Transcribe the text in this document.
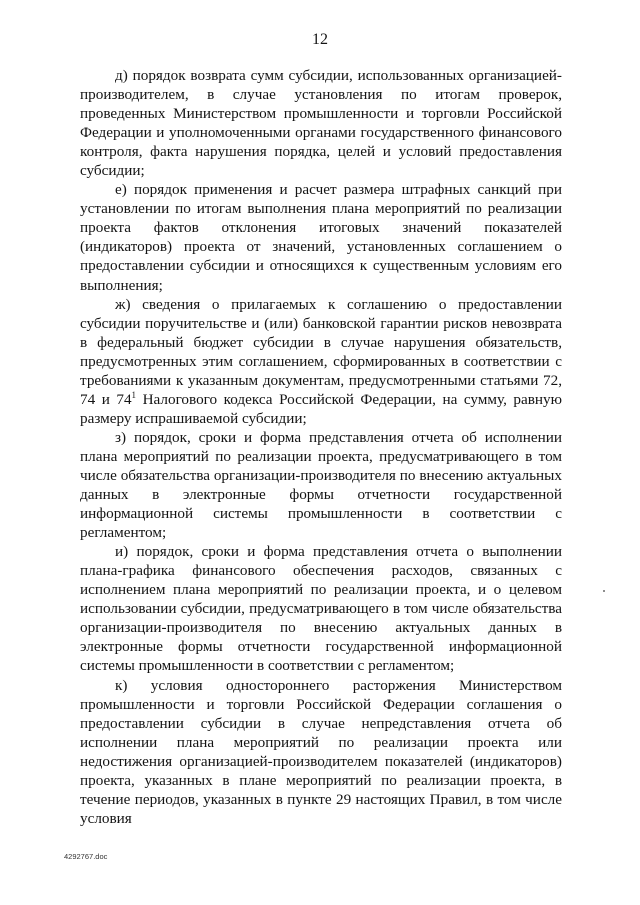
12

д) порядок возврата сумм субсидии, использованных организацией-производителем, в случае установления по итогам проверок, проведенных Министерством промышленности и торговли Российской Федерации и уполномоченными органами государственного финансового контроля, факта нарушения порядка, целей и условий предоставления субсидии;

е) порядок применения и расчет размера штрафных санкций при установлении по итогам выполнения плана мероприятий по реализации проекта фактов отклонения итоговых значений показателей (индикаторов) проекта от значений, установленных соглашением о предоставлении субсидии и относящихся к существенным условиям его выполнения;

ж) сведения о прилагаемых к соглашению о предоставлении субсидии поручительстве и (или) банковской гарантии рисков невозврата в федеральный бюджет субсидии в случае нарушения обязательств, предусмотренных этим соглашением, сформированных в соответствии с требованиями к указанным документам, предусмотренными статьями 72, 74 и $74^1$ Налогового кодекса Российской Федерации, на сумму, равную размеру испрашиваемой субсидии;

з) порядок, сроки и форма представления отчета об исполнении плана мероприятий по реализации проекта, предусматривающего в том числе обязательства организации-производителя по внесению актуальных данных в электронные формы отчетности государственной информационной системы промышленности в соответствии с регламентом;

и) порядок, сроки и форма представления отчета о выполнении плана-графика финансового обеспечения расходов, связанных с исполнением плана мероприятий по реализации проекта, и о целевом использовании субсидии, предусматривающего в том числе обязательства организации-производителя по внесению актуальных данных в электронные формы отчетности государственной информационной системы промышленности в соответствии с регламентом;

к) условия одностороннего расторжения Министерством промышленности и торговли Российской Федерации соглашения о предоставлении субсидии в случае непредставления отчета об исполнении плана мероприятий по реализации проекта или недостижения организацией-производителем показателей (индикаторов) проекта, указанных в плане мероприятий по реализации проекта, в течение периодов, указанных в пункте 29 настоящих Правил, в том числе условия

4292767.doc
